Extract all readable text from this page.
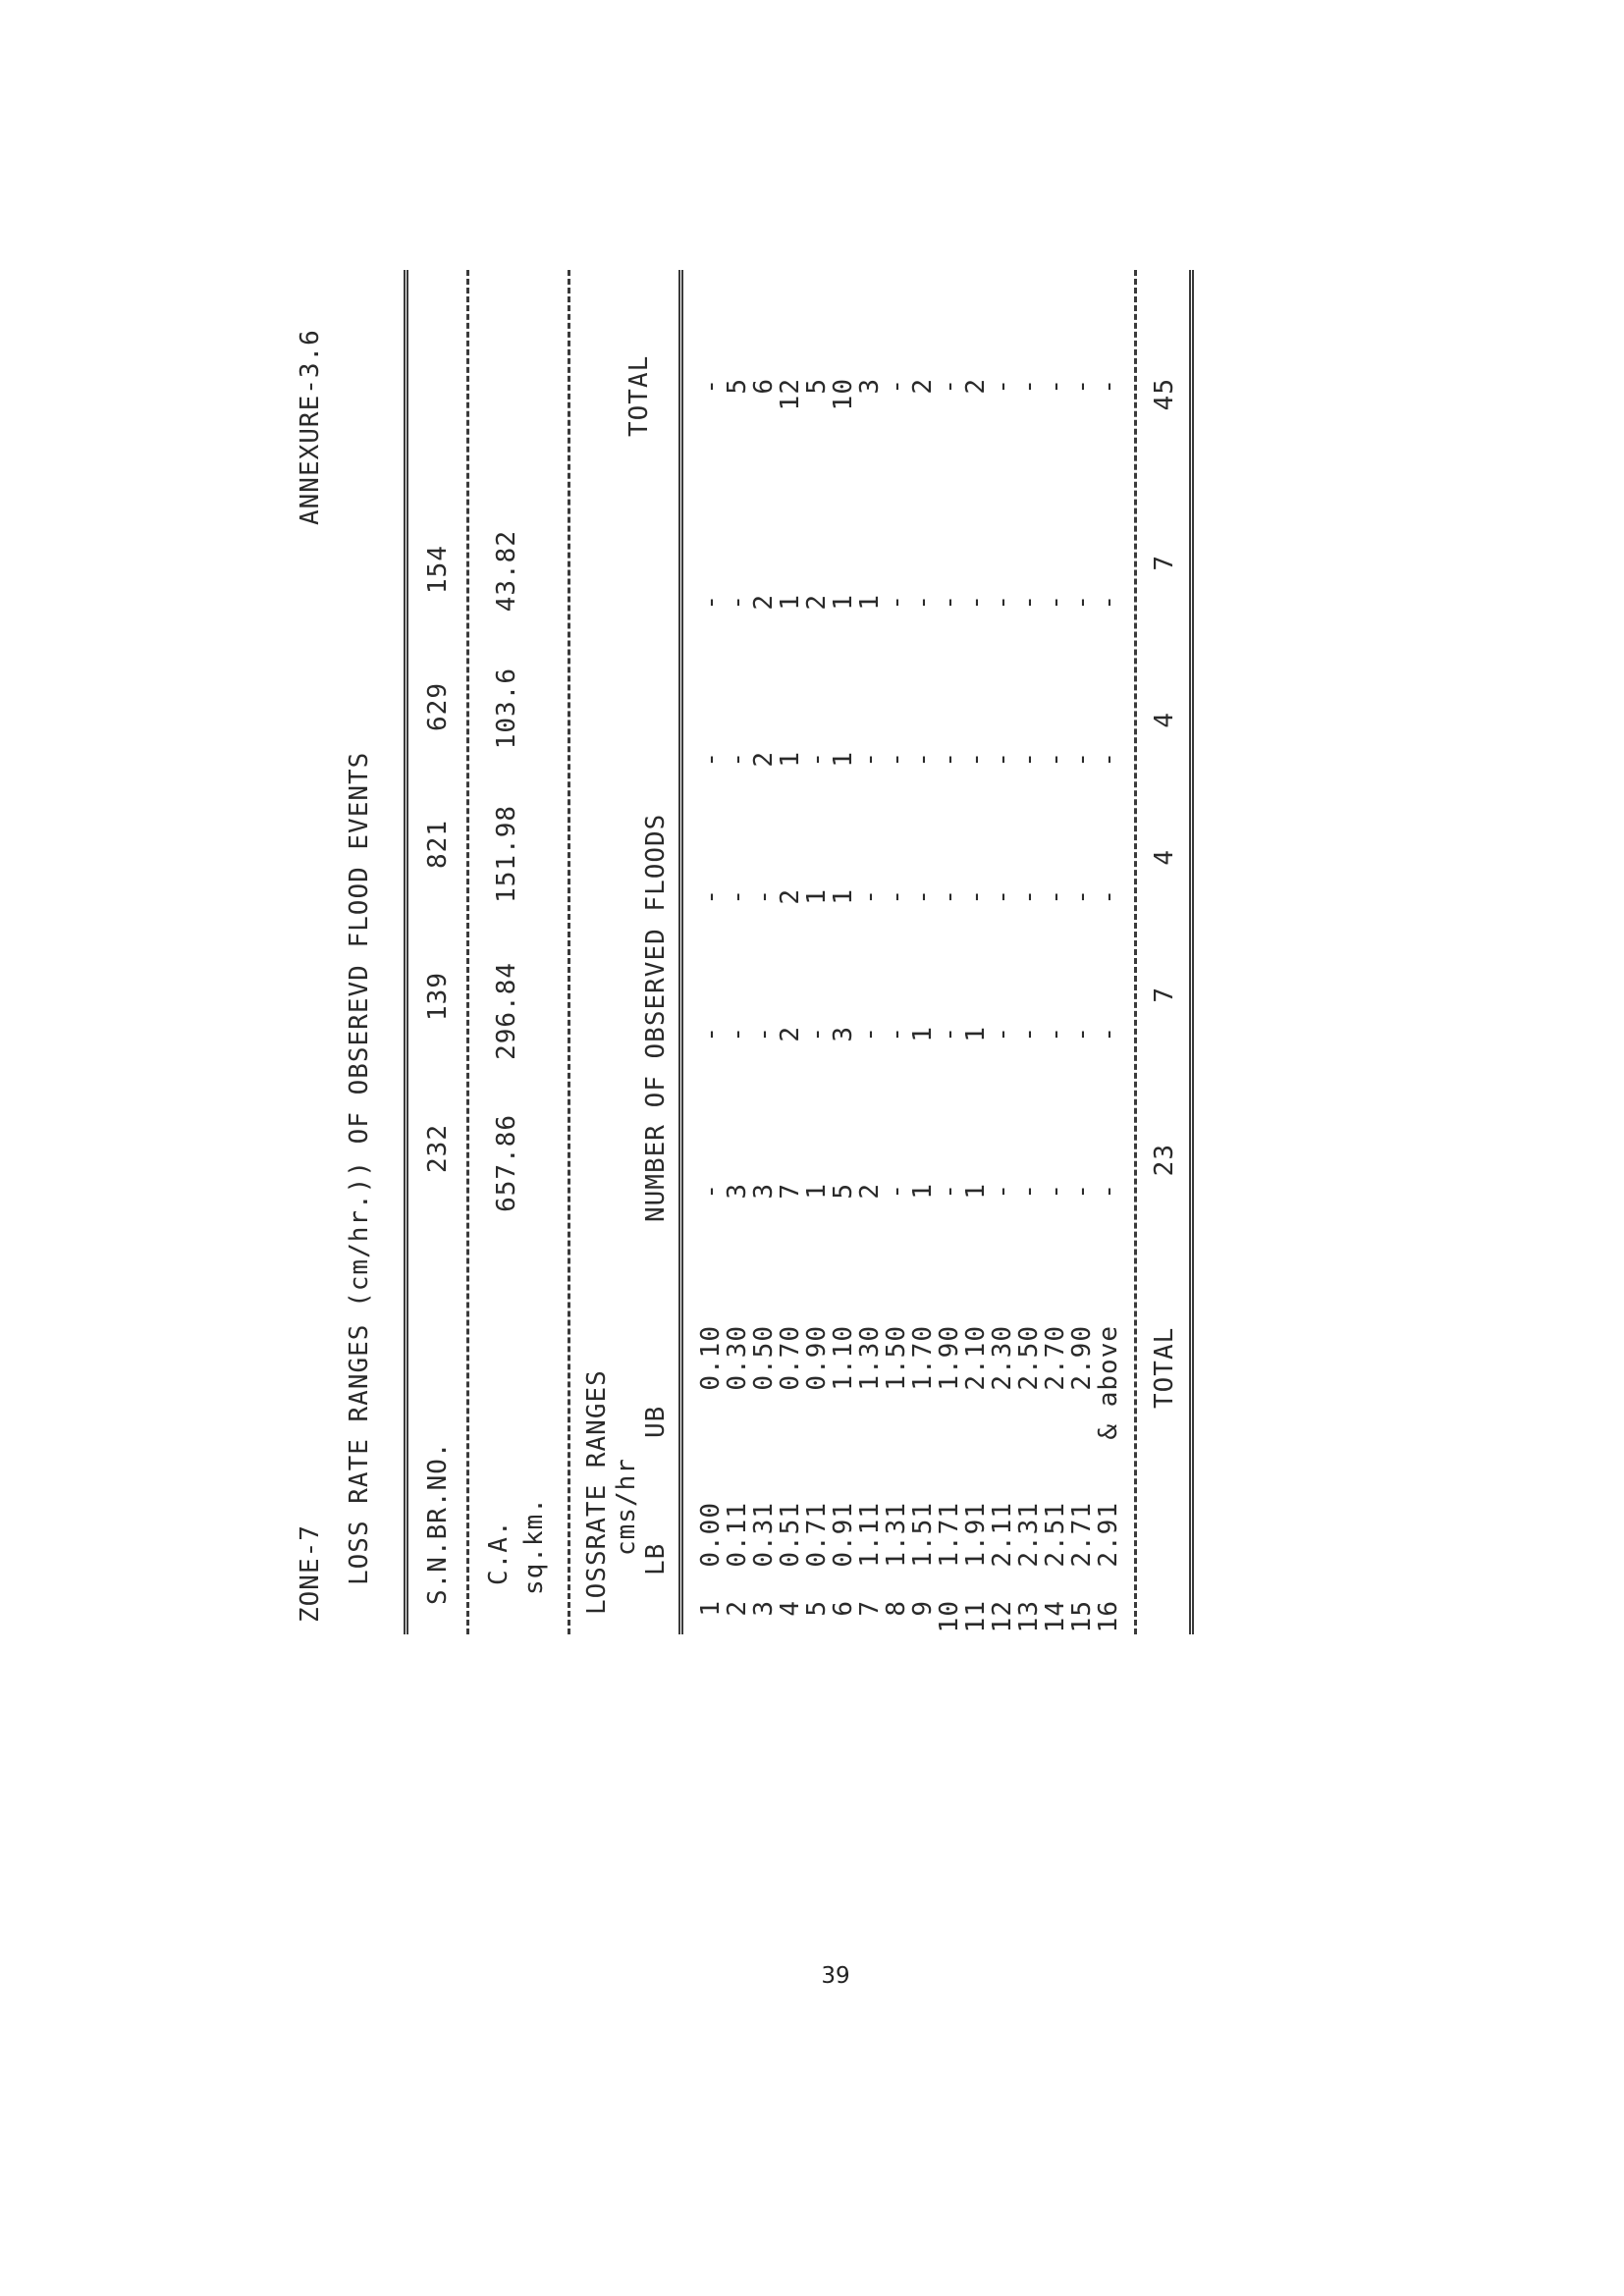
ZONE-7
ANNEXURE-3.6
LOSS RATE RANGES (cm/hr.)) OF OBSEREVD FLOOD EVENTS S.N.BR.NO.
232
139
821
629
154
C.A. sq.km.
657.86
296.84
151.98
103.6
43.82
LOSSRATE RANGES cms/hr
LB
UB
NUMBER OF OBSERVED FLOODS
TOTAL
1
0.00
0.10
-
-
-
-
-
-
2
0.11
0.30
3
-
-
-
-
5
3
0.31
0.50
3
-
-
2
2
6
4
0.51
0.70
7
2
2
1
1
12
5
0.71
0.90
1
-
1
-
2
5
6
0.91
1.10
5
3
1
1
1
10
7
1.11
1.30
2
-
-
-
1
3
8
1.31
1.50
-
-
-
-
-
-
9
1.51
1.70
1
1
-
-
-
2
10
1.71
1.90
-
-
-
-
-
-
11
1.91
2.10
1
1
-
-
-
2
12
2.11
2.30
-
-
-
-
-
-
13
2.31
2.50
-
-
-
-
-
-
14
2.51
2.70
-
-
-
-
-
-
15
2.71
2.90
-
-
-
-
-
-
16
2.91
& above
-
-
-
-
-
-
TOTAL
23
7
4
4
7
45
39
